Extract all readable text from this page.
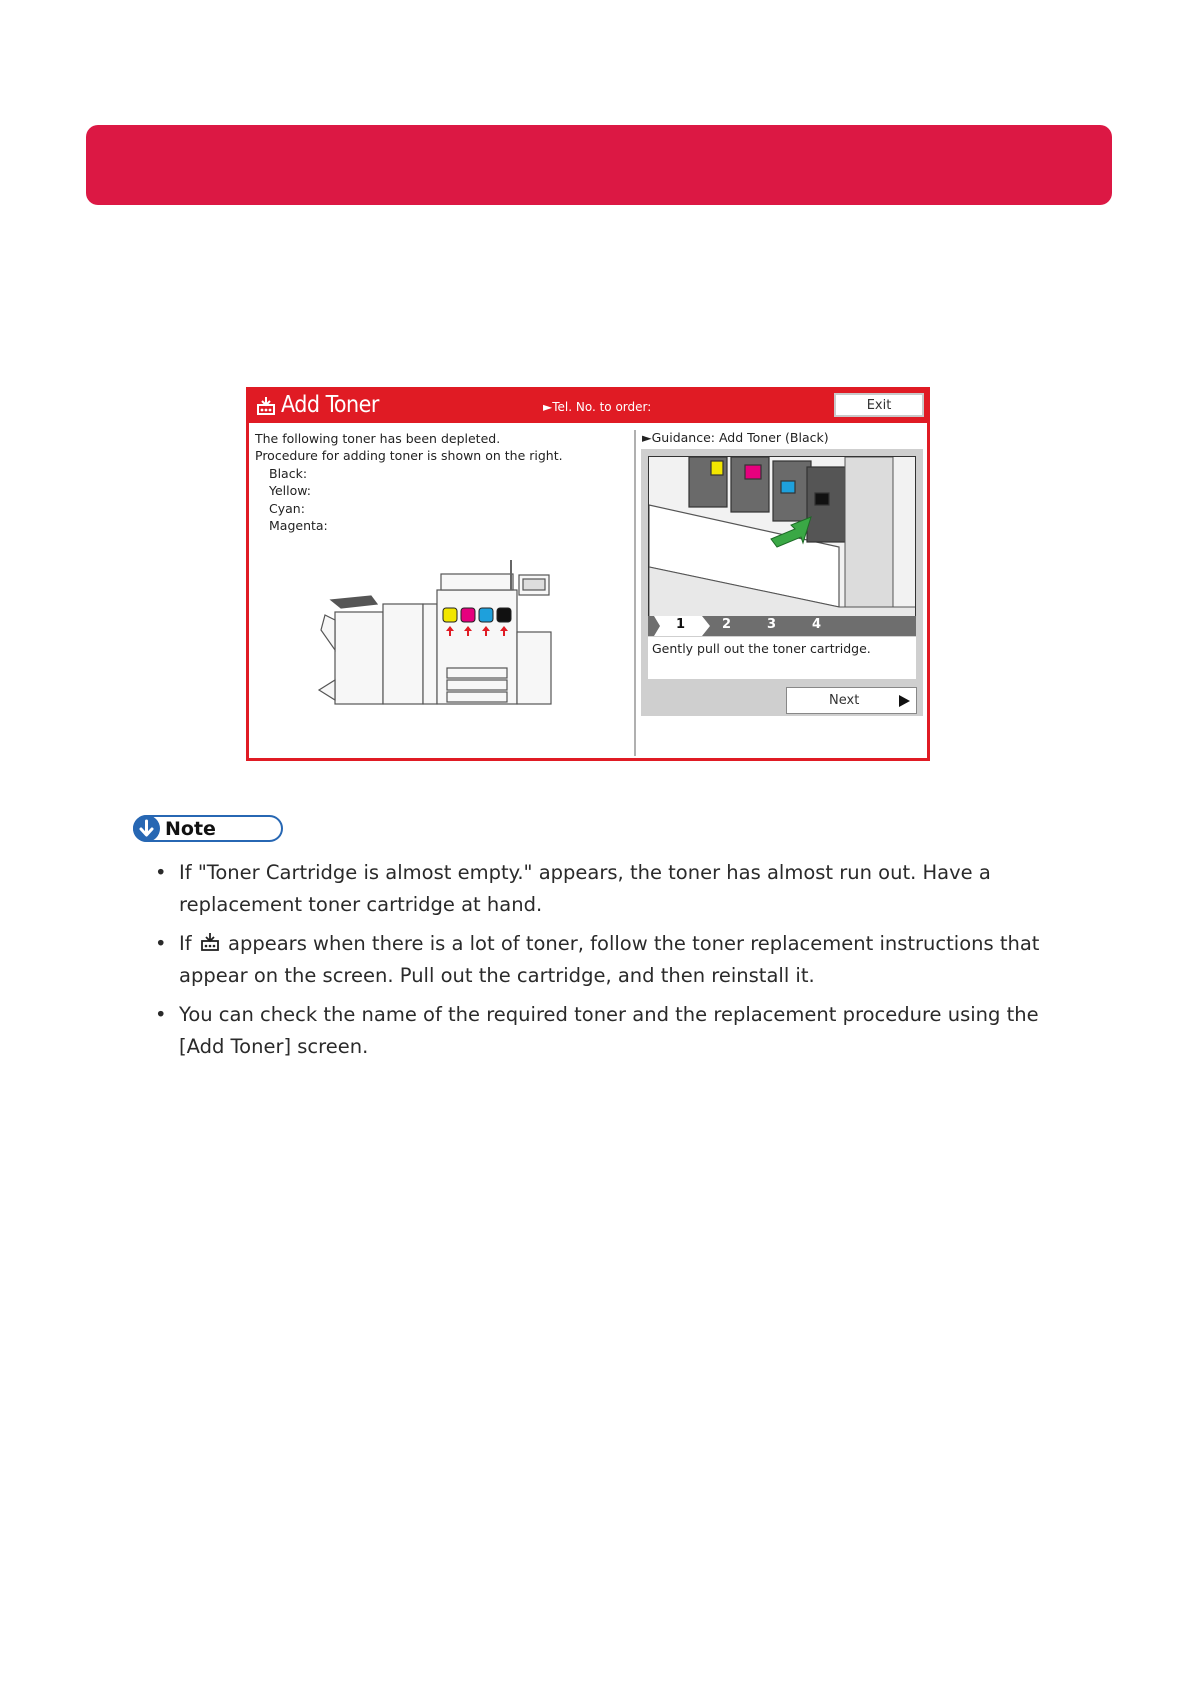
Add Toner	►Tel. No. to order:	Exit
The following toner has been depleted.
Procedure for adding toner is shown on the right.
Black:
Yellow:
Cyan:
Magenta:
►Guidance: Add Toner (Black)
1	2	3	4
Gently pull out the toner cartridge.
Next
Note
• If "Toner Cartridge is almost empty." appears, the toner has almost run out. Have a replacement toner cartridge at hand.
• If appears when there is a lot of toner, follow the toner replacement instructions that appear on the screen. Pull out the cartridge, and then reinstall it.
• You can check the name of the required toner and the replacement procedure using the [Add Toner] screen.
